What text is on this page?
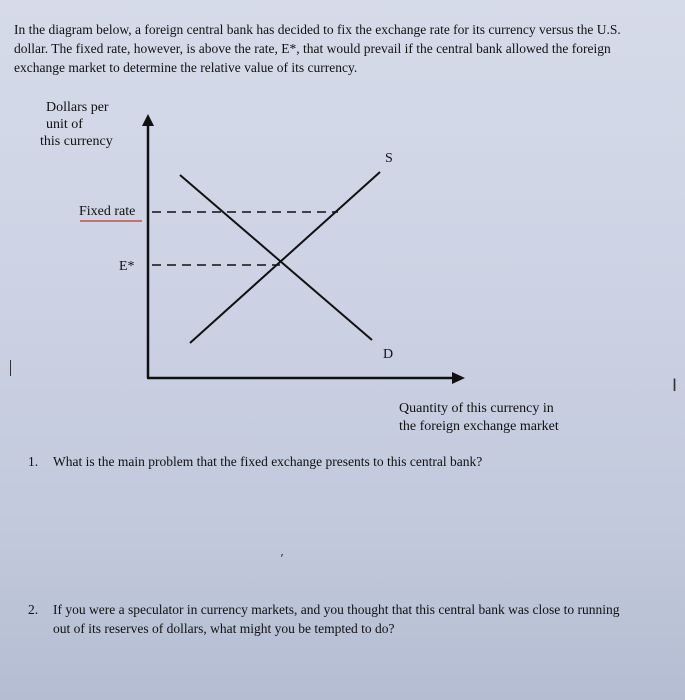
In the diagram below, a foreign central bank has decided to fix the exchange rate for its currency versus the U.S. dollar. The fixed rate, however, is above the rate, E*, that would prevail if the central bank allowed the foreign exchange market to determine the relative value of its currency.

Dollars per
unit of
this currency
S
D
Fixed rate
E*
Quantity of this currency in
the foreign exchange market
1.	What is the main problem that the fixed exchange presents to this central bank?
’
2.	If you were a speculator in currency markets, and you thought that this central bank was close to running out of its reserves of dollars, what might you be tempted to do?
I
